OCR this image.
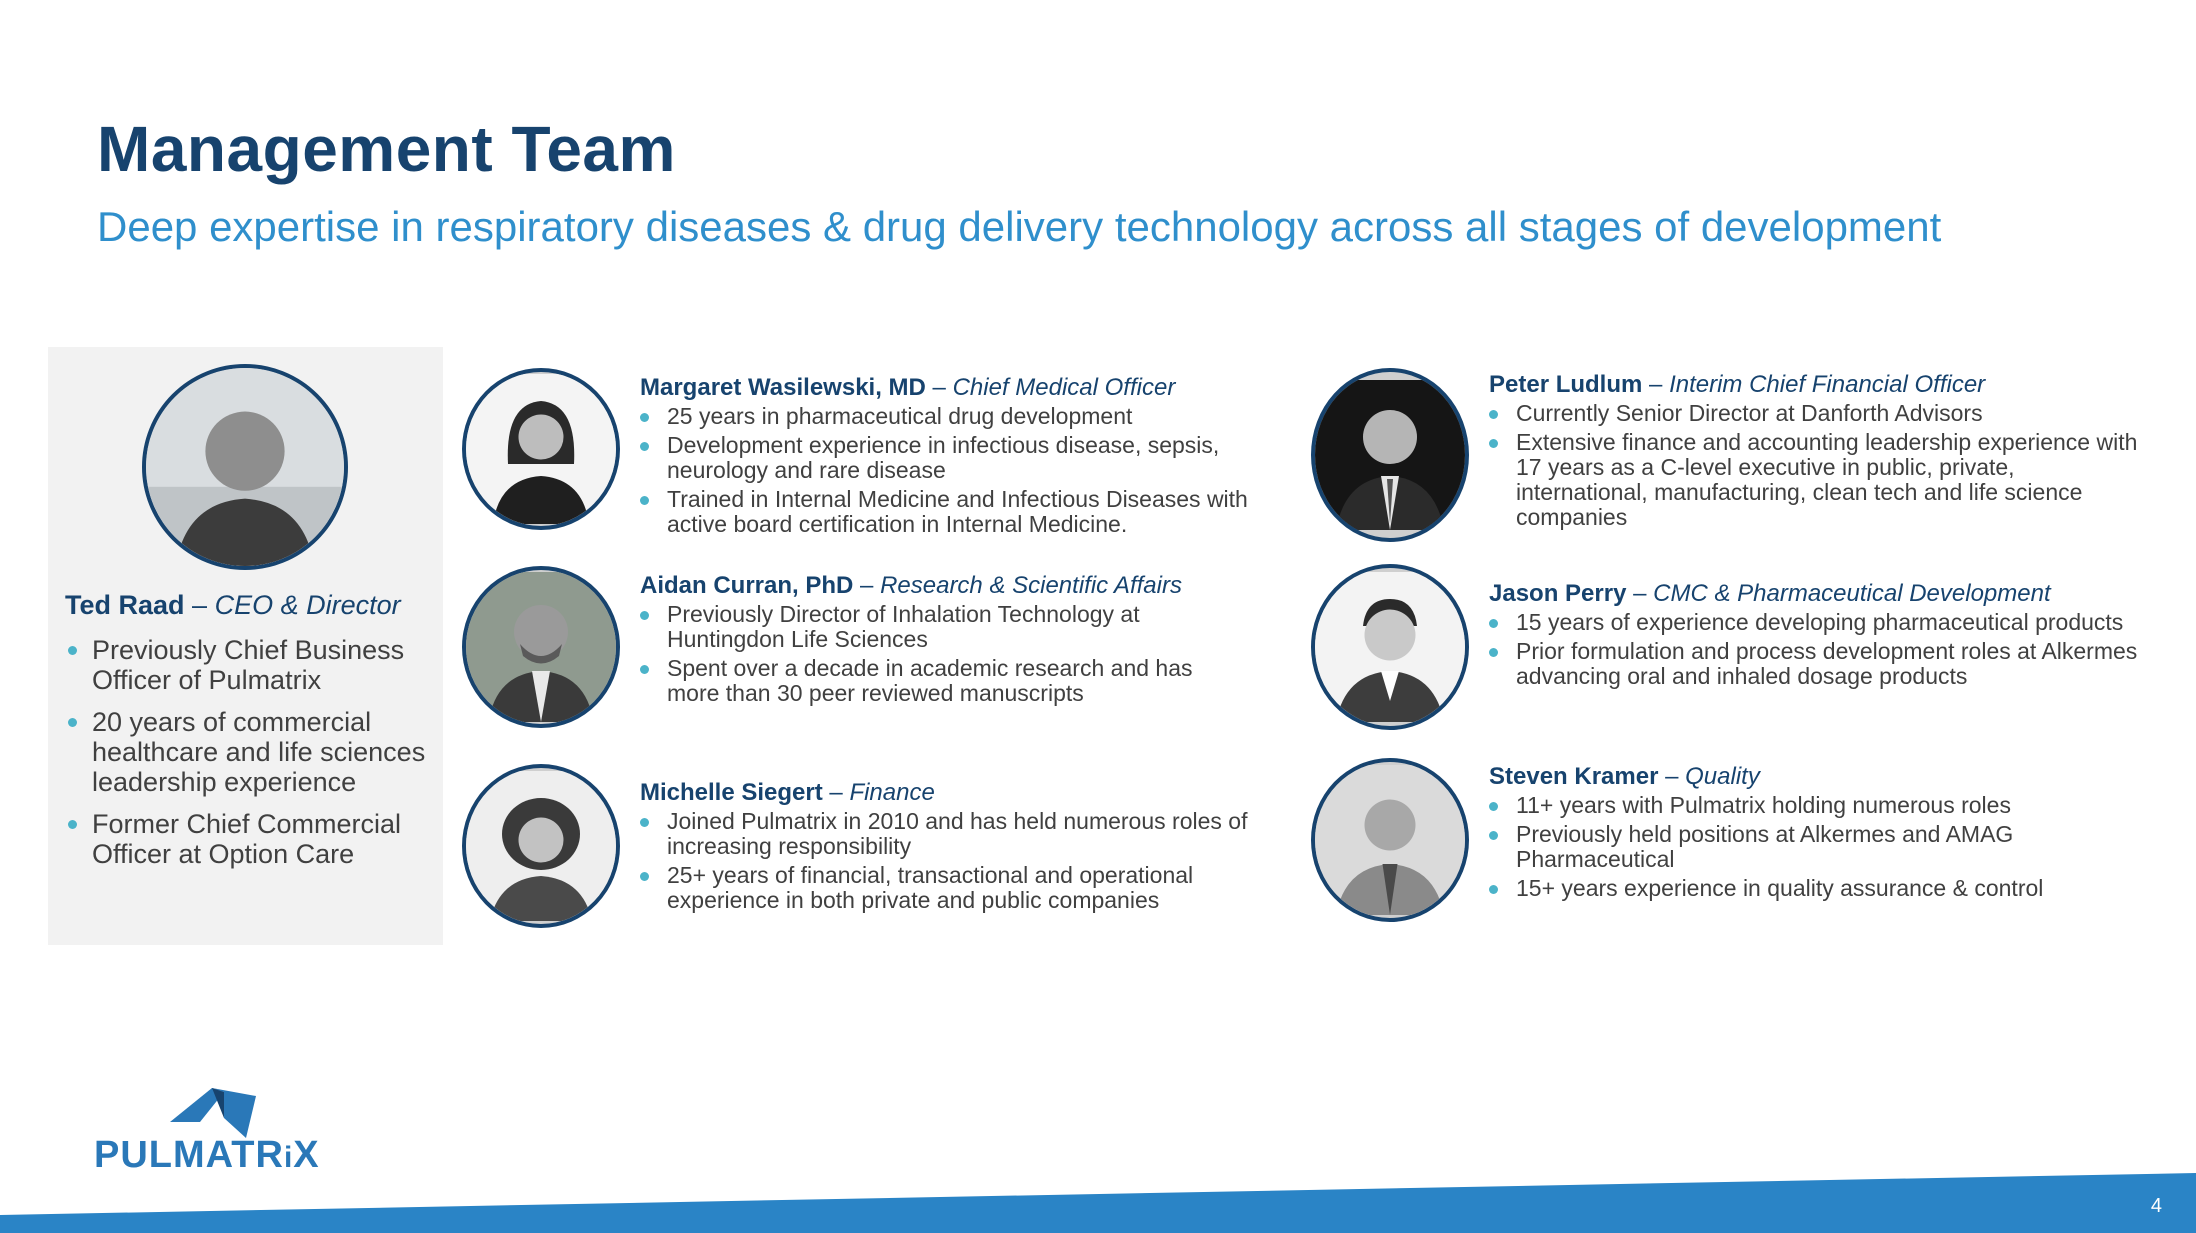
Management Team
Deep expertise in respiratory diseases & drug delivery technology across all stages of development
Ted Raad – CEO & Director
Previously Chief Business Officer of Pulmatrix
20 years of commercial healthcare and life sciences leadership experience
Former Chief Commercial Officer at Option Care
Margaret Wasilewski, MD – Chief Medical Officer
25 years in pharmaceutical drug development
Development experience in infectious disease, sepsis, neurology and rare disease
Trained in Internal Medicine and Infectious Diseases with active board certification in Internal Medicine.
Aidan Curran, PhD – Research & Scientific Affairs
Previously Director of Inhalation Technology at Huntingdon Life Sciences
Spent over a decade in academic research and has more than 30 peer reviewed manuscripts
Michelle Siegert – Finance
Joined Pulmatrix in 2010 and has held numerous roles of increasing responsibility
25+ years of financial, transactional and operational experience in both private and public companies
Peter Ludlum – Interim Chief Financial Officer
Currently Senior Director at Danforth Advisors
Extensive finance and accounting leadership experience with 17 years as a C-level executive in public, private, international, manufacturing, clean tech and life science companies
Jason Perry – CMC & Pharmaceutical Development
15 years of experience developing pharmaceutical products
Prior formulation and process development roles at Alkermes advancing oral and inhaled dosage products
Steven Kramer – Quality
11+ years with Pulmatrix holding numerous roles
Previously held positions at Alkermes and AMAG Pharmaceutical
15+ years experience in quality assurance & control
PULMATRiX
4
